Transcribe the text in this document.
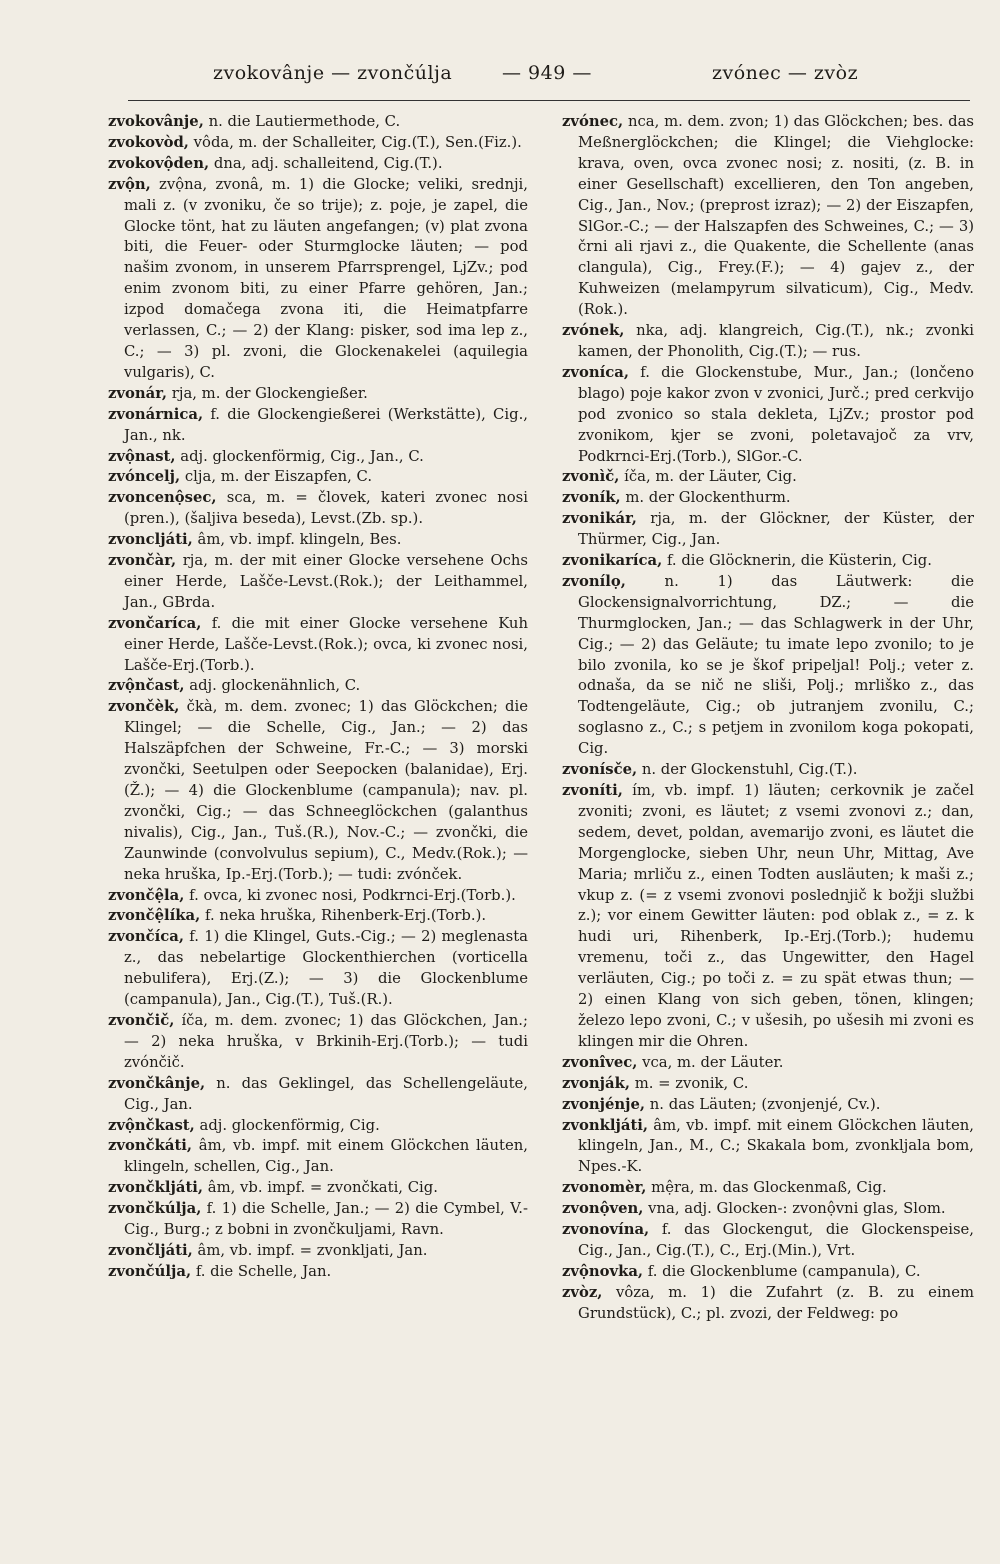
zvokovânje — zvončúlja	— 949 —	zvónec — zvòz

zvokovânje, n. die Lautiermethode, C.

zvokovòd, vôda, m. der Schalleiter, Cig.(T.), Sen.(Fiz.).

zvokovộden, dna, adj. schalleitend, Cig.(T.).

zvộn, zvộna, zvonâ, m. 1) die Glocke; veliki, srednji, mali z. (v zvoniku, če so trije); z. poje, je zapel, die Glocke tönt, hat zu läuten angefangen; (v) plat zvona biti, die Feuer- oder Sturmglocke läuten; — pod našim zvonom, in unserem Pfarrsprengel, LjZv.; pod enim zvonom biti, zu einer Pfarre gehören, Jan.; izpod domačega zvona iti, die Heimatpfarre verlassen, C.; — 2) der Klang: pisker, sod ima lep z., C.; — 3) pl. zvoni, die Glockenakelei (aquilegia vulgaris), C.

zvonár, rja, m. der Glockengießer.

zvonárnica, f. die Glockengießerei (Werkstätte), Cig., Jan., nk.

zvộnast, adj. glockenförmig, Cig., Jan., C.

zvóncelj, clja, m. der Eiszapfen, C.

zvoncenộsec, sca, m. = človek, kateri zvonec nosi (pren.), (šaljiva beseda), Levst.(Zb. sp.).

zvoncljáti, âm, vb. impf. klingeln, Bes.

zvončàr, rja, m. der mit einer Glocke versehene Ochs einer Herde, Lašče-Levst.(Rok.); der Leithammel, Jan., GBrda.

zvončaríca, f. die mit einer Glocke versehene Kuh einer Herde, Lašče-Levst.(Rok.); ovca, ki zvonec nosi, Lašče-Erj.(Torb.).

zvộnčast, adj. glockenähnlich, C.

zvončèk, čkà, m. dem. zvonec; 1) das Glöckchen; die Klingel; — die Schelle, Cig., Jan.; — 2) das Halszäpfchen der Schweine, Fr.-C.; — 3) morski zvončki, Seetulpen oder Seepocken (balanidae), Erj.(Ž.); — 4) die Glockenblume (campanula); nav. pl. zvončki, Cig.; — das Schneeglöckchen (galanthus nivalis), Cig., Jan., Tuš.(R.), Nov.-C.; — zvončki, die Zaunwinde (convolvulus sepium), C., Medv.(Rok.); — neka hruška, Ip.-Erj.(Torb.); — tudi: zvónček.

zvončệla, f. ovca, ki zvonec nosi, Podkrnci-Erj.(Torb.).

zvončệlíka, f. neka hruška, Rihenberk-Erj.(Torb.).

zvončíca, f. 1) die Klingel, Guts.-Cig.; — 2) meglenasta z., das nebelartige Glockenthierchen (vorticella nebulifera), Erj.(Z.); — 3) die Glockenblume (campanula), Jan., Cig.(T.), Tuš.(R.).

zvončič, íča, m. dem. zvonec; 1) das Glöckchen, Jan.; — 2) neka hruška, v Brkinih-Erj.(Torb.); — tudi zvónčič.

zvončkânje, n. das Geklingel, das Schellengeläute, Cig., Jan.

zvộnčkast, adj. glockenförmig, Cig.

zvončkáti, âm, vb. impf. mit einem Glöckchen läuten, klingeln, schellen, Cig., Jan.

zvončkljáti, âm, vb. impf. = zvončkati, Cig.

zvončkúlja, f. 1) die Schelle, Jan.; — 2) die Cymbel, V.-Cig., Burg.; z bobni in zvončkuljami, Ravn.

zvončljáti, âm, vb. impf. = zvonkljati, Jan.

zvončúlja, f. die Schelle, Jan.

zvónec, nca, m. dem. zvon; 1) das Glöckchen; bes. das Meßnerglöckchen; die Klingel; die Viehglocke: krava, oven, ovca zvonec nosi; z. nositi, (z. B. in einer Gesellschaft) excellieren, den Ton angeben, Cig., Jan., Nov.; (preprost izraz); — 2) der Eiszapfen, SlGor.-C.; — der Halszapfen des Schweines, C.; — 3) črni ali rjavi z., die Quakente, die Schellente (anas clangula), Cig., Frey.(F.); — 4) gajev z., der Kuhweizen (melampyrum silvaticum), Cig., Medv.(Rok.).

zvónek, nka, adj. klangreich, Cig.(T.), nk.; zvonki kamen, der Phonolith, Cig.(T.); — rus.

zvoníca, f. die Glockenstube, Mur., Jan.; (lončeno blago) poje kakor zvon v zvonici, Jurč.; pred cerkvijo pod zvonico so stala dekleta, LjZv.; prostor pod zvonikom, kjer se zvoni, poletavajoč za vrv, Podkrnci-Erj.(Torb.), SlGor.-C.

zvonìč, íča, m. der Läuter, Cig.

zvoník, m. der Glockenthurm.

zvonikár, rja, m. der Glöckner, der Küster, der Thürmer, Cig., Jan.

zvonikaríca, f. die Glöcknerin, die Küsterin, Cig.

zvonílọ, n. 1) das Läutwerk: die Glockensignalvorrichtung, DZ.; — die Thurmglocken, Jan.; — das Schlagwerk in der Uhr, Cig.; — 2) das Geläute; tu imate lepo zvonilo; to je bilo zvonila, ko se je škof pripeljal! Polj.; veter z. odnaša, da se nič ne sliši, Polj.; mrliško z., das Todtengeläute, Cig.; ob jutranjem zvonilu, C.; soglasno z., C.; s petjem in zvonilom koga pokopati, Cig.

zvonísče, n. der Glockenstuhl, Cig.(T.).

zvoníti, ím, vb. impf. 1) läuten; cerkovnik je začel zvoniti; zvoni, es läutet; z vsemi zvonovi z.; dan, sedem, devet, poldan, avemarijo zvoni, es läutet die Morgenglocke, sieben Uhr, neun Uhr, Mittag, Ave Maria; mrliču z., einen Todten ausläuten; k maši z.; vkup z. (= z vsemi zvonovi poslednjič k božji službi z.); vor einem Gewitter läuten: pod oblak z., = z. k hudi uri, Rihenberk, Ip.-Erj.(Torb.); hudemu vremenu, toči z., das Ungewitter, den Hagel verläuten, Cig.; po toči z. = zu spät etwas thun; — 2) einen Klang von sich geben, tönen, klingen; železo lepo zvoni, C.; v ušesih, po ušesih mi zvoni es klingen mir die Ohren.

zvonîvec, vca, m. der Läuter.

zvonják, m. = zvonik, C.

zvonjénje, n. das Läuten; (zvonjenjé, Cv.).

zvonkljáti, âm, vb. impf. mit einem Glöckchen läuten, klingeln, Jan., M., C.; Skakala bom, zvonkljala bom, Npes.-K.

zvonomèr, mệra, m. das Glockenmaß, Cig.

zvonộven, vna, adj. Glocken-: zvonộvni glas, Slom.

zvonovína, f. das Glockengut, die Glockenspeise, Cig., Jan., Cig.(T.), C., Erj.(Min.), Vrt.

zvộnovka, f. die Glockenblume (campanula), C.

zvòz, vôza, m. 1) die Zufahrt (z. B. zu einem Grundstück), C.; pl. zvozi, der Feldweg: po
